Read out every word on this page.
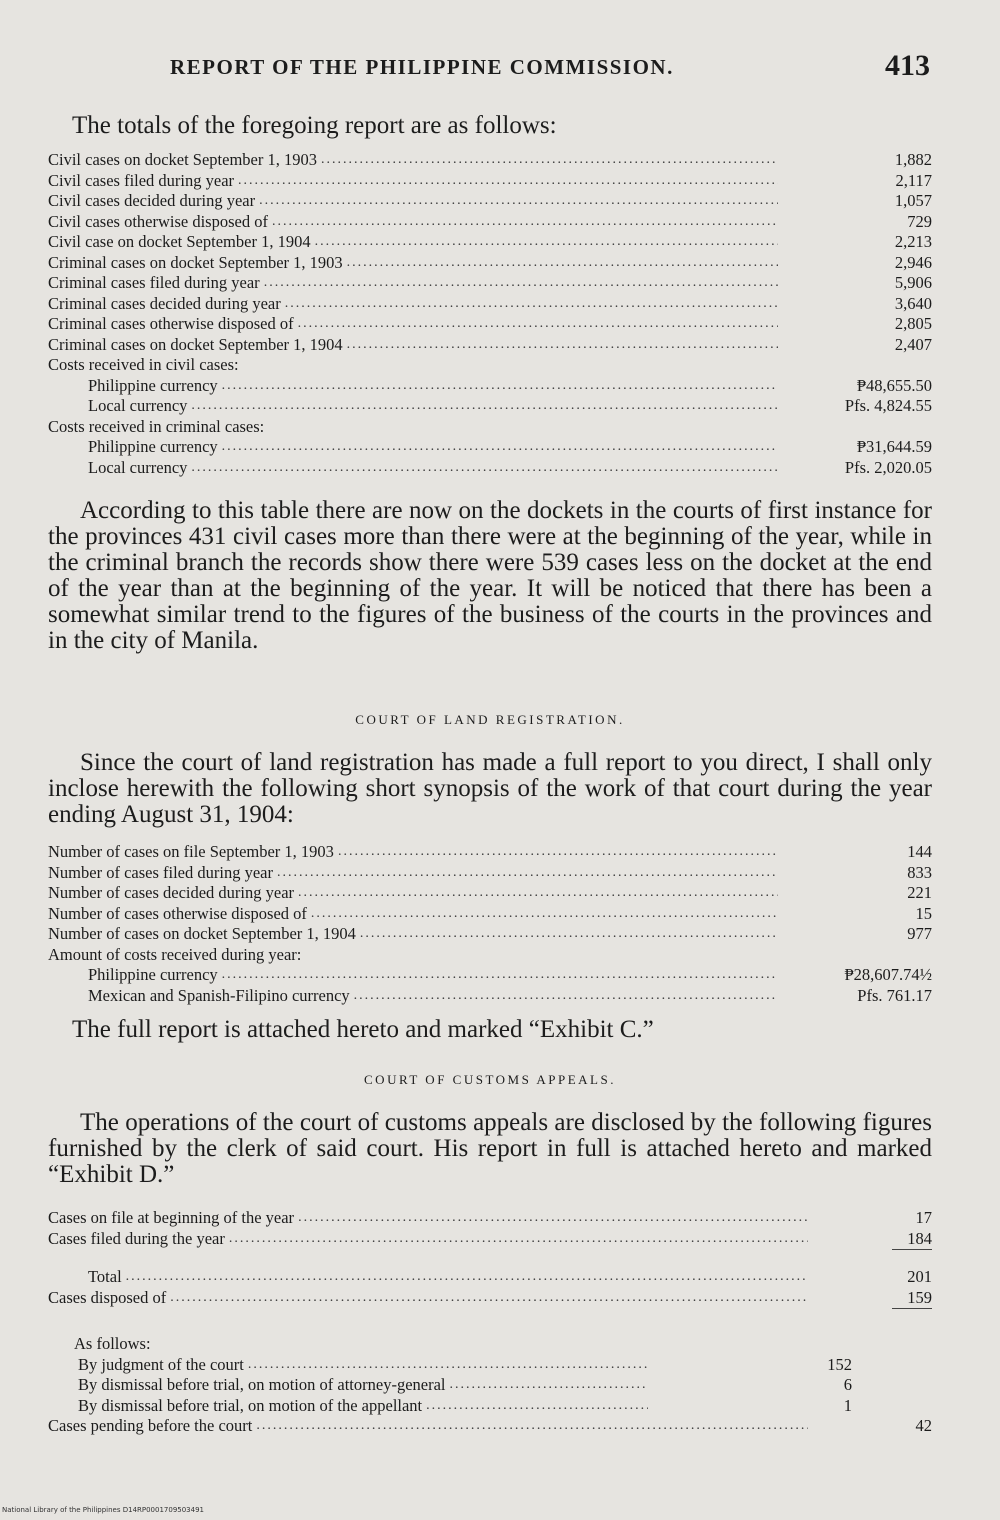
REPORT OF THE PHILIPPINE COMMISSION.	413
The totals of the foregoing report are as follows:
Civil cases on docket September 1, 1903 .....	1,882
Civil cases filed during year .....	2,117
Civil cases decided during year .....	1,057
Civil cases otherwise disposed of .....	729
Civil case on docket September 1, 1904 .....	2,213
Criminal cases on docket September 1, 1903 .....	2,946
Criminal cases filed during year .....	5,906
Criminal cases decided during year .....	3,640
Criminal cases otherwise disposed of .....	2,805
Criminal cases on docket September 1, 1904 .....	2,407
Costs received in civil cases:
Philippine currency .....	₱48,655.50
Local currency .....	Pfs. 4,824.55
Costs received in criminal cases:
Philippine currency .....	₱31,644.59
Local currency .....	Pfs. 2,020.05
According to this table there are now on the dockets in the courts of first instance for the provinces 431 civil cases more than there were at the beginning of the year, while in the criminal branch the records show there were 539 cases less on the docket at the end of the year than at the beginning of the year. It will be noticed that there has been a somewhat similar trend to the figures of the business of the courts in the provinces and in the city of Manila.
COURT OF LAND REGISTRATION.
Since the court of land registration has made a full report to you direct, I shall only inclose herewith the following short synopsis of the work of that court during the year ending August 31, 1904:
Number of cases on file September 1, 1903 .....	144
Number of cases filed during year .....	833
Number of cases decided during year .....	221
Number of cases otherwise disposed of .....	15
Number of cases on docket September 1, 1904 .....	977
Amount of costs received during year:
Philippine currency .....	₱28,607.74½
Mexican and Spanish-Filipino currency .....	Pfs. 761.17
The full report is attached hereto and marked “Exhibit C.”
COURT OF CUSTOMS APPEALS.
The operations of the court of customs appeals are disclosed by the following figures furnished by the clerk of said court. His report in full is attached hereto and marked “Exhibit D.”
Cases on file at beginning of the year .....	17
Cases filed during the year .....	184
Total .....	201
Cases disposed of .....	159
As follows:
By judgment of the court .....	152
By dismissal before trial, on motion of attorney-general .....	6
By dismissal before trial, on motion of the appellant .....	1
Cases pending before the court .....	42
National Library of the Philippines D14RP0001709503491
